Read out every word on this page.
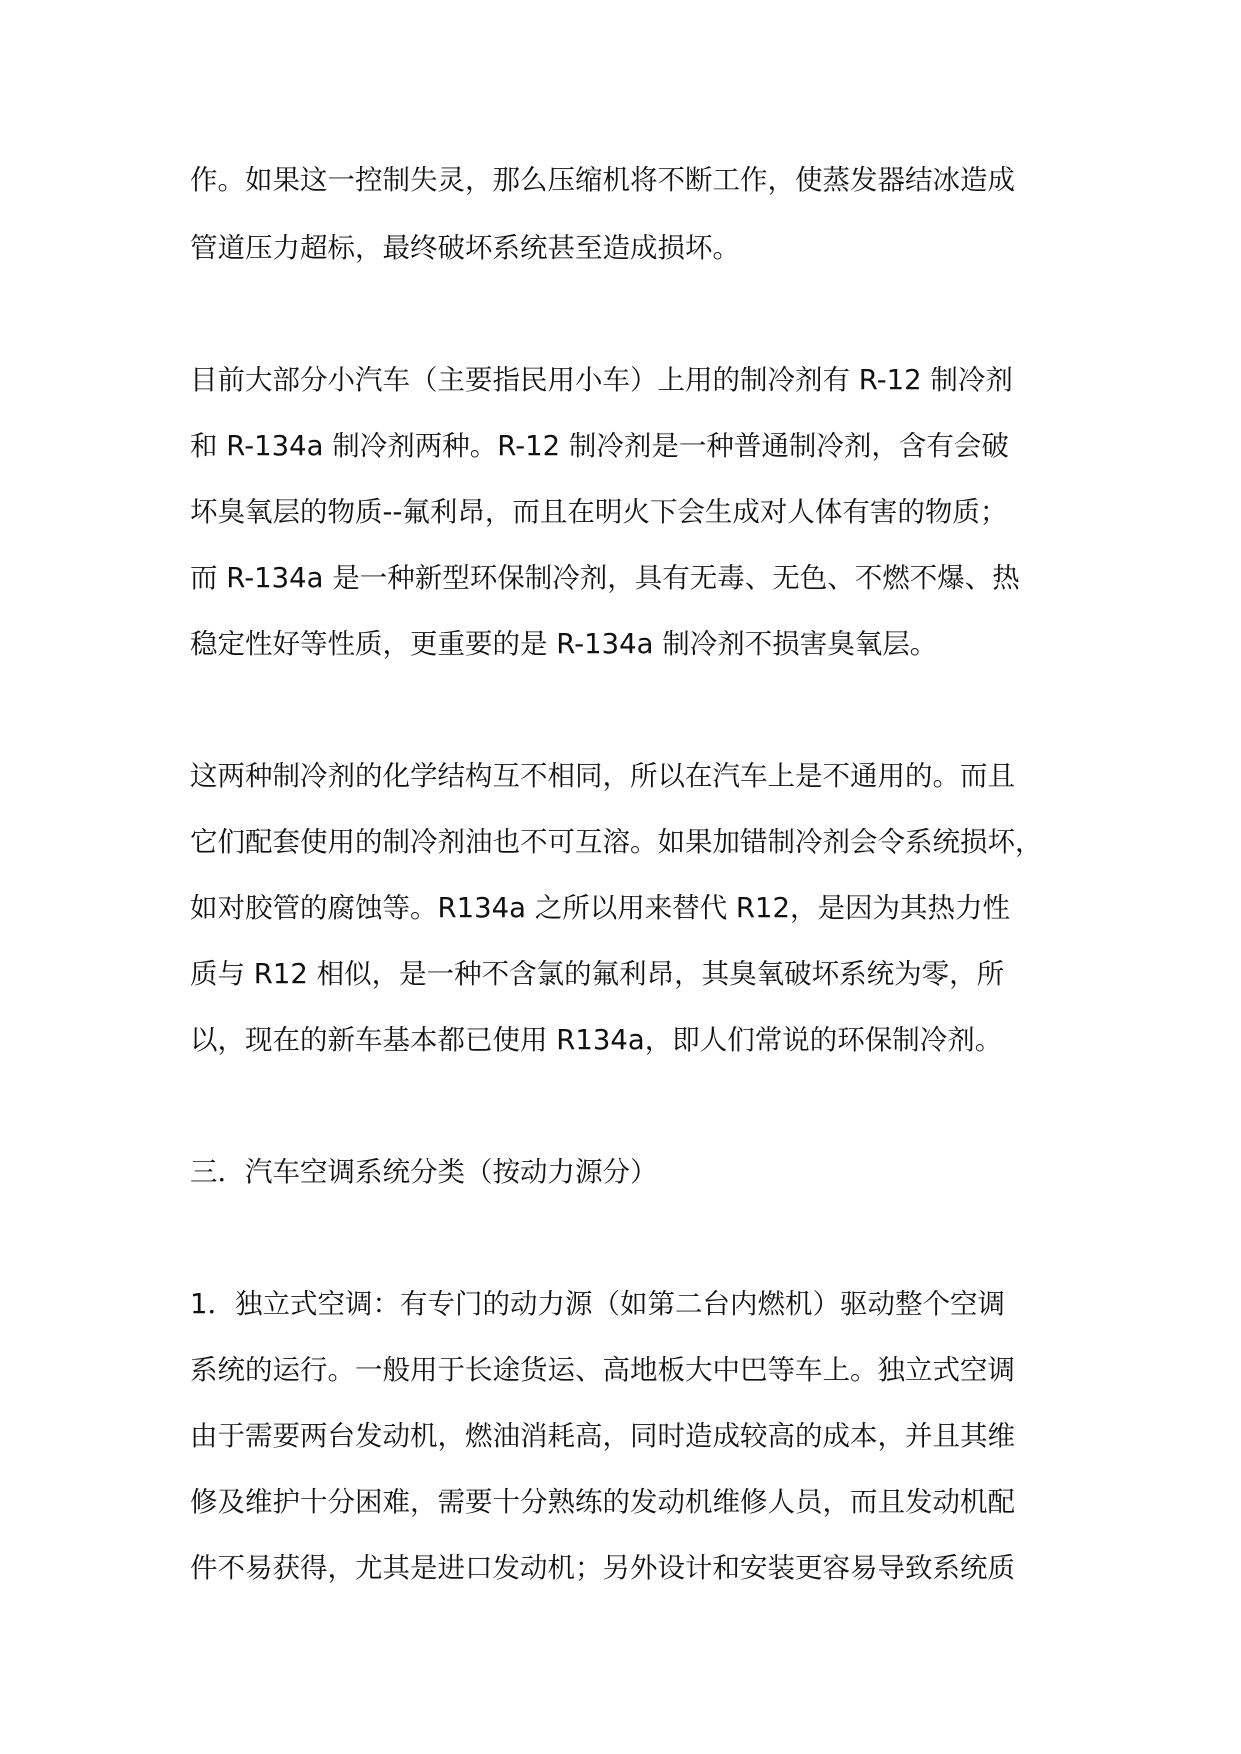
作。如果这一控制失灵，那么压缩机将不断工作，使蒸发器结冰造成

管道压力超标，最终破坏系统甚至造成损坏。

目前大部分小汽车（主要指民用小车）上用的制冷剂有 R-12 制冷剂

和 R-134a 制冷剂两种。R-12 制冷剂是一种普通制冷剂，含有会破

坏臭氧层的物质--氟利昂，而且在明火下会生成对人体有害的物质；

而 R-134a 是一种新型环保制冷剂，具有无毒、无色、不燃不爆、热

稳定性好等性质，更重要的是 R-134a 制冷剂不损害臭氧层。

这两种制冷剂的化学结构互不相同，所以在汽车上是不通用的。而且

它们配套使用的制冷剂油也不可互溶。如果加错制冷剂会令系统损坏，

如对胶管的腐蚀等。R134a 之所以用来替代 R12，是因为其热力性

质与 R12 相似，是一种不含氯的氟利昂，其臭氧破坏系统为零，所

以，现在的新车基本都已使用 R134a，即人们常说的环保制冷剂。

三．汽车空调系统分类（按动力源分）

1．独立式空调：有专门的动力源（如第二台内燃机）驱动整个空调

系统的运行。一般用于长途货运、高地板大中巴等车上。独立式空调

由于需要两台发动机，燃油消耗高，同时造成较高的成本，并且其维

修及维护十分困难，需要十分熟练的发动机维修人员，而且发动机配

件不易获得，尤其是进口发动机；另外设计和安装更容易导致系统质
